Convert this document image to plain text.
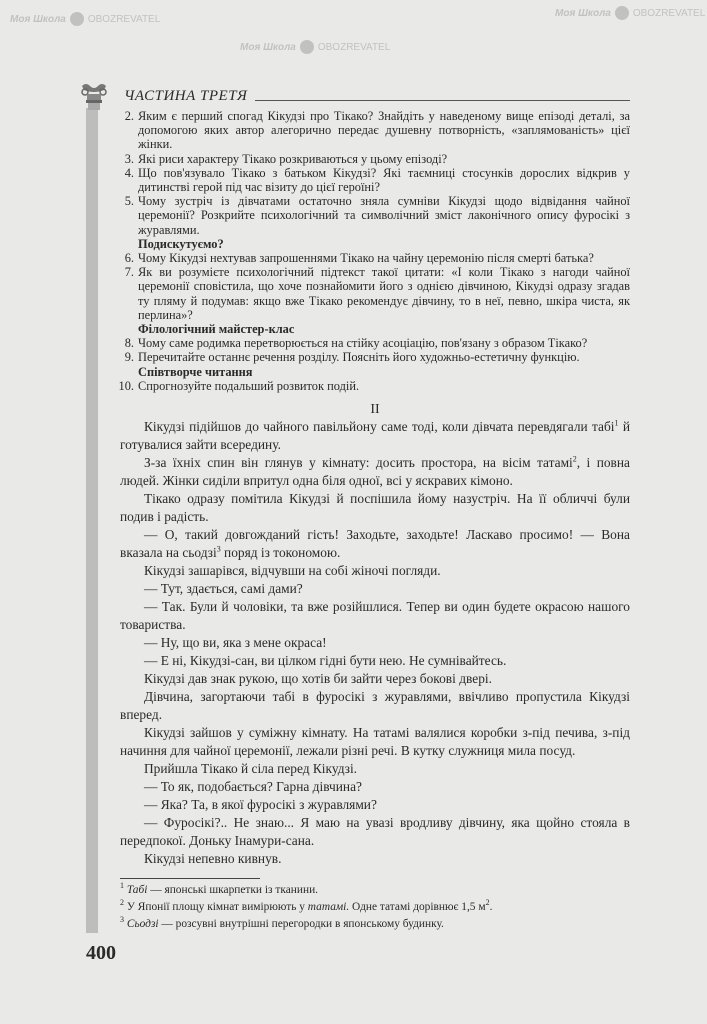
ЧАСТИНА ТРЕТЯ
2. Яким є перший спогад Кікудзі про Тікако? Знайдіть у наведеному вище епізоді деталі, за допомогою яких автор алегорично передає душевну потворність, «заплямованість» цієї жінки.
3. Які риси характеру Тікако розкриваються у цьому епізоді?
4. Що пов'язувало Тікако з батьком Кікудзі? Які таємниці стосунків дорослих відкрив у дитинстві герой під час візиту до цієї героїні?
5. Чому зустріч із дівчатами остаточно зняла сумніви Кікудзі щодо відвідання чайної церемонії? Розкрийте психологічний та символічний зміст лаконічного опису фуросікі з журавлями.
Подискутуємо?
6. Чому Кікудзі нехтував запрошеннями Тікако на чайну церемонію після смерті батька?
7. Як ви розумієте психологічний підтекст такої цитати: «І коли Тікако з нагоди чайної церемонії сповістила, що хоче познайомити його з однією дівчиною, Кікудзі одразу згадав ту пляму й подумав: якщо вже Тікако рекомендує дівчину, то в неї, певно, шкіра чиста, як перлина»?
Філологічний майстер-клас
8. Чому саме родимка перетворюється на стійку асоціацію, пов'язану з образом Тікако?
9. Перечитайте останнє речення розділу. Поясніть його художньо-естетичну функцію.
Співтворче читання
10. Спрогнозуйте подальший розвиток подій.
II

Кікудзі підійшов до чайного павільйону саме тоді, коли дівчата перевдягали табі$^1$ й готувалися зайти всередину.

З-за їхніх спин він глянув у кімнату: досить простора, на вісім татамі$^2$, і повна людей. Жінки сиділи впритул одна біля одної, всі у яскравих кімоно.

Тікако одразу помітила Кікудзі й поспішила йому назустріч. На її обличчі були подив і радість.

— О, такий довгожданий гість! Заходьте, заходьте! Ласкаво просимо! — Вона вказала на сьодзі$^3$ поряд із токономою.

Кікудзі зашарівся, відчувши на собі жіночі погляди.

— Тут, здається, самі дами?

— Так. Були й чоловіки, та вже розійшлися. Тепер ви один будете окрасою нашого товариства.

— Ну, що ви, яка з мене окраса!

— Е ні, Кікудзі-сан, ви цілком гідні бути нею. Не сумнівайтесь.

Кікудзі дав знак рукою, що хотів би зайти через бокові двері.

Дівчина, загортаючи табі в фуросікі з журавлями, ввічливо пропустила Кікудзі вперед.

Кікудзі зайшов у суміжну кімнату. На татамі валялися коробки з-під печива, з-під начиння для чайної церемонії, лежали різні речі. В кутку служниця мила посуд.

Прийшла Тікако й сіла перед Кікудзі.

— То як, подобається? Гарна дівчина?

— Яка? Та, в якої фуросікі з журавлями?

— Фуросікі?.. Не знаю... Я маю на увазі вродливу дівчину, яка щойно стояла в передпокої. Доньку Інамури-сана.

Кікудзі непевно кивнув.

$^1$ Табі — японські шкарпетки із тканини.
$^2$ У Японії площу кімнат вимірюють у татамі. Одне татамі дорівнює 1,5 $м^2$.
$^3$ Сьодзі — розсувні внутрішні перегородки в японському будинку.
400
Моя Школа OBOZREVATEL
Моя Школа OBOZREVATEL
Моя Школа OBOZREVATEL
